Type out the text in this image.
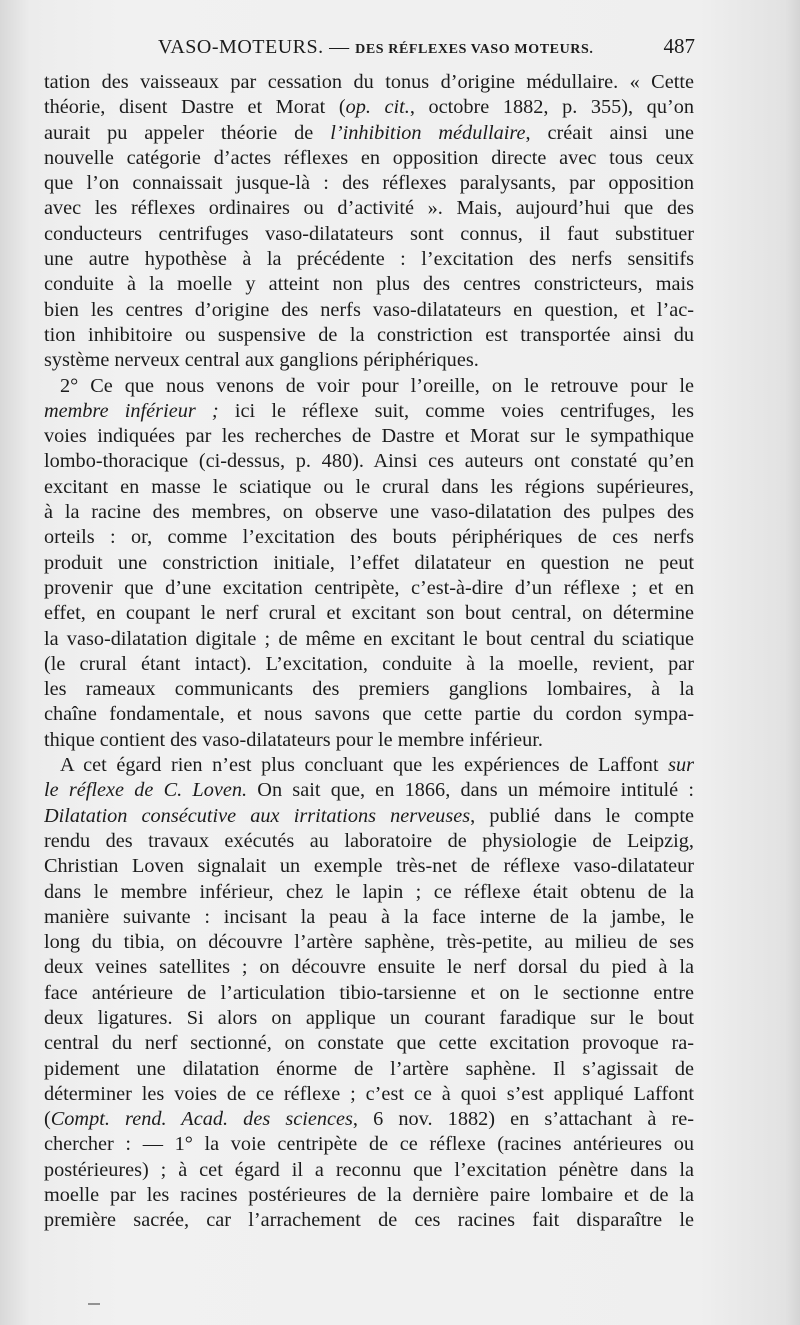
VASO-MOTEURS. — DES RÉFLEXES VASO MOTEURS.	487
tation des vaisseaux par cessation du tonus d’origine médullaire. « Cette
théorie, disent Dastre et Morat (op. cit., octobre 1882, p. 355), qu’on
aurait pu appeler théorie de l’inhibition médullaire, créait ainsi une
nouvelle catégorie d’actes réflexes en opposition directe avec tous ceux
que l’on connaissait jusque-là : des réflexes paralysants, par opposition
avec les réflexes ordinaires ou d’activité ». Mais, aujourd’hui que des
conducteurs centrifuges vaso-dilatateurs sont connus, il faut substituer
une autre hypothèse à la précédente : l’excitation des nerfs sensitifs
conduite à la moelle y atteint non plus des centres constricteurs, mais
bien les centres d’origine des nerfs vaso-dilatateurs en question, et l’ac-
tion inhibitoire ou suspensive de la constriction est transportée ainsi du
système nerveux central aux ganglions périphériques.
2° Ce que nous venons de voir pour l’oreille, on le retrouve pour le
membre inférieur ; ici le réflexe suit, comme voies centrifuges, les
voies indiquées par les recherches de Dastre et Morat sur le sympathique
lombo-thoracique (ci-dessus, p. 480). Ainsi ces auteurs ont constaté qu’en
excitant en masse le sciatique ou le crural dans les régions supérieures,
à la racine des membres, on observe une vaso-dilatation des pulpes des
orteils : or, comme l’excitation des bouts périphériques de ces nerfs
produit une constriction initiale, l’effet dilatateur en question ne peut
provenir que d’une excitation centripète, c’est-à-dire d’un réflexe ; et en
effet, en coupant le nerf crural et excitant son bout central, on détermine
la vaso-dilatation digitale ; de même en excitant le bout central du sciatique
(le crural étant intact). L’excitation, conduite à la moelle, revient, par
les rameaux communicants des premiers ganglions lombaires, à la
chaîne fondamentale, et nous savons que cette partie du cordon sympa-
thique contient des vaso-dilatateurs pour le membre inférieur.
A cet égard rien n’est plus concluant que les expériences de Laffont sur
le réflexe de C. Loven. On sait que, en 1866, dans un mémoire intitulé :
Dilatation consécutive aux irritations nerveuses, publié dans le compte
rendu des travaux exécutés au laboratoire de physiologie de Leipzig,
Christian Loven signalait un exemple très-net de réflexe vaso-dilatateur
dans le membre inférieur, chez le lapin ; ce réflexe était obtenu de la
manière suivante : incisant la peau à la face interne de la jambe, le
long du tibia, on découvre l’artère saphène, très-petite, au milieu de ses
deux veines satellites ; on découvre ensuite le nerf dorsal du pied à la
face antérieure de l’articulation tibio-tarsienne et on le sectionne entre
deux ligatures. Si alors on applique un courant faradique sur le bout
central du nerf sectionné, on constate que cette excitation provoque ra-
pidement une dilatation énorme de l’artère saphène. Il s’agissait de
déterminer les voies de ce réflexe ; c’est ce à quoi s’est appliqué Laffont
(Compt. rend. Acad. des sciences, 6 nov. 1882) en s’attachant à re-
chercher : — 1° la voie centripète de ce réflexe (racines antérieures ou
postérieures) ; à cet égard il a reconnu que l’excitation pénètre dans la
moelle par les racines postérieures de la dernière paire lombaire et de la
première sacrée, car l’arrachement de ces racines fait disparaître le
